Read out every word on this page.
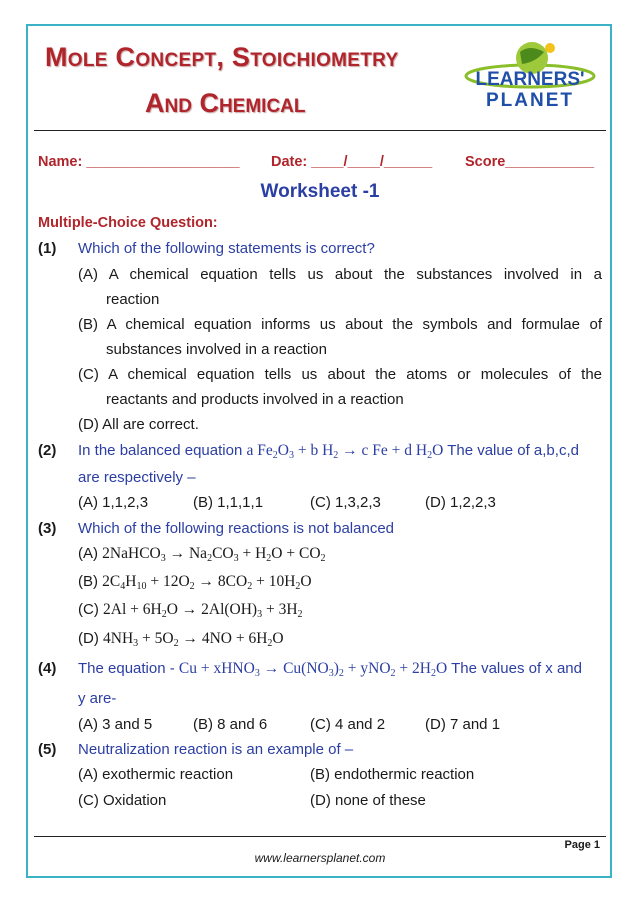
Mole Concept, Stoichiometry
And Chemical
LEARNERS'
PLANET
Name: ___________________ Date: ____/____/______ Score___________
Worksheet -1
Multiple-Choice Question:
(1) Which of the following statements is correct?
(A) A chemical equation tells us about the substances involved in a
reaction
(B) A chemical equation informs us about the symbols and formulae of
substances involved in a reaction
(C) A chemical equation tells us about the atoms or molecules of the
reactants and products involved in a reaction
(D) All are correct.
(2) In the balanced equation a $Fe_2O_3 + b$ $H_2 \to c$ Fe + d $H_2O$ The value of a,b,c,d
are respectively –
(A) 1,1,2,3	(B) 1,1,1,1	(C) 1,3,2,3	(D) 1,2,2,3
(3) Which of the following reactions is not balanced
(A) 2NaHCO$_3$ → $Na_2CO_3 + H_2O + CO_2$
(B) $2C_4H_{10} + 12O_2 \to 8CO_2 + 10H_2O$
(C) $2Al + 6H_2O \to 2Al(OH)_3 + 3H_2$
(D) $4NH_3 + 5O_2 \to 4NO + 6H_2O$
(4) The equation - Cu + xHNO$_3$ → $Cu(NO_3)_2 + yNO_2 + 2H_2O$ The values of x and
y are-
(A) 3 and 5	(B) 8 and 6	(C) 4 and 2	(D) 7 and 1
(5) Neutralization reaction is an example of –
(A) exothermic reaction	(B) endothermic reaction
(C) Oxidation	(D) none of these
Page 1
www.learnersplanet.com
